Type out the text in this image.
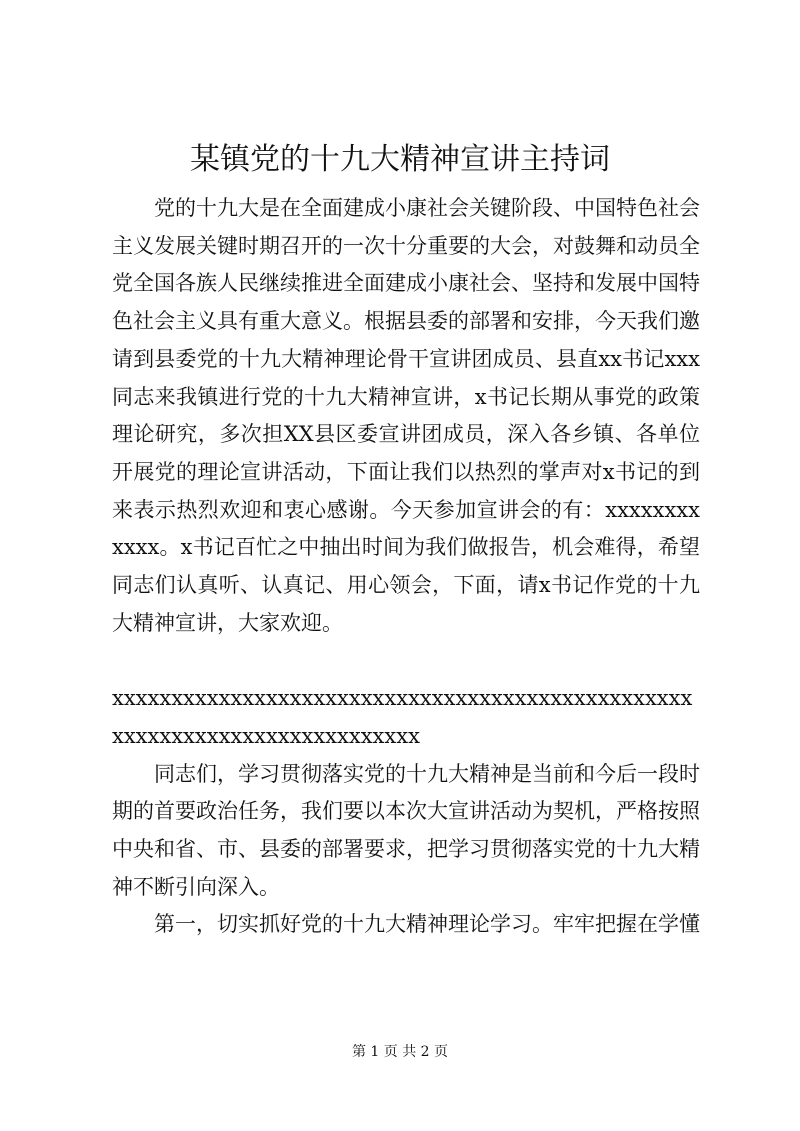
某镇党的十九大精神宣讲主持词

党的十九大是在全面建成小康社会关键阶段、中国特色社会主义发展关键时期召开的一次十分重要的大会，对鼓舞和动员全党全国各族人民继续推进全面建成小康社会、坚持和发展中国特色社会主义具有重大意义。根据县委的部署和安排，今天我们邀请到县委党的十九大精神理论骨干宣讲团成员、县直xx书记xxx同志来我镇进行党的十九大精神宣讲，x书记长期从事党的政策理论研究，多次担XX县区委宣讲团成员，深入各乡镇、各单位开展党的理论宣讲活动，下面让我们以热烈的掌声对x书记的到来表示热烈欢迎和衷心感谢。今天参加宣讲会的有：xxxxxxxxxxxx。x书记百忙之中抽出时间为我们做报告，机会难得，希望同志们认真听、认真记、用心领会，下面，请x书记作党的十九大精神宣讲，大家欢迎。

xxxxxxxxxxxxxxxxxxxxxxxxxxxxxxxxxxxxxxxxxxxxxxxxxxxxxxxxxxxxxxxxxxxxxxxxxxx

同志们，学习贯彻落实党的十九大精神是当前和今后一段时期的首要政治任务，我们要以本次大宣讲活动为契机，严格按照中央和省、市、县委的部署要求，把学习贯彻落实党的十九大精神不断引向深入。

第一，切实抓好党的十九大精神理论学习。牢牢把握在学懂

第 1 页 共 2 页
